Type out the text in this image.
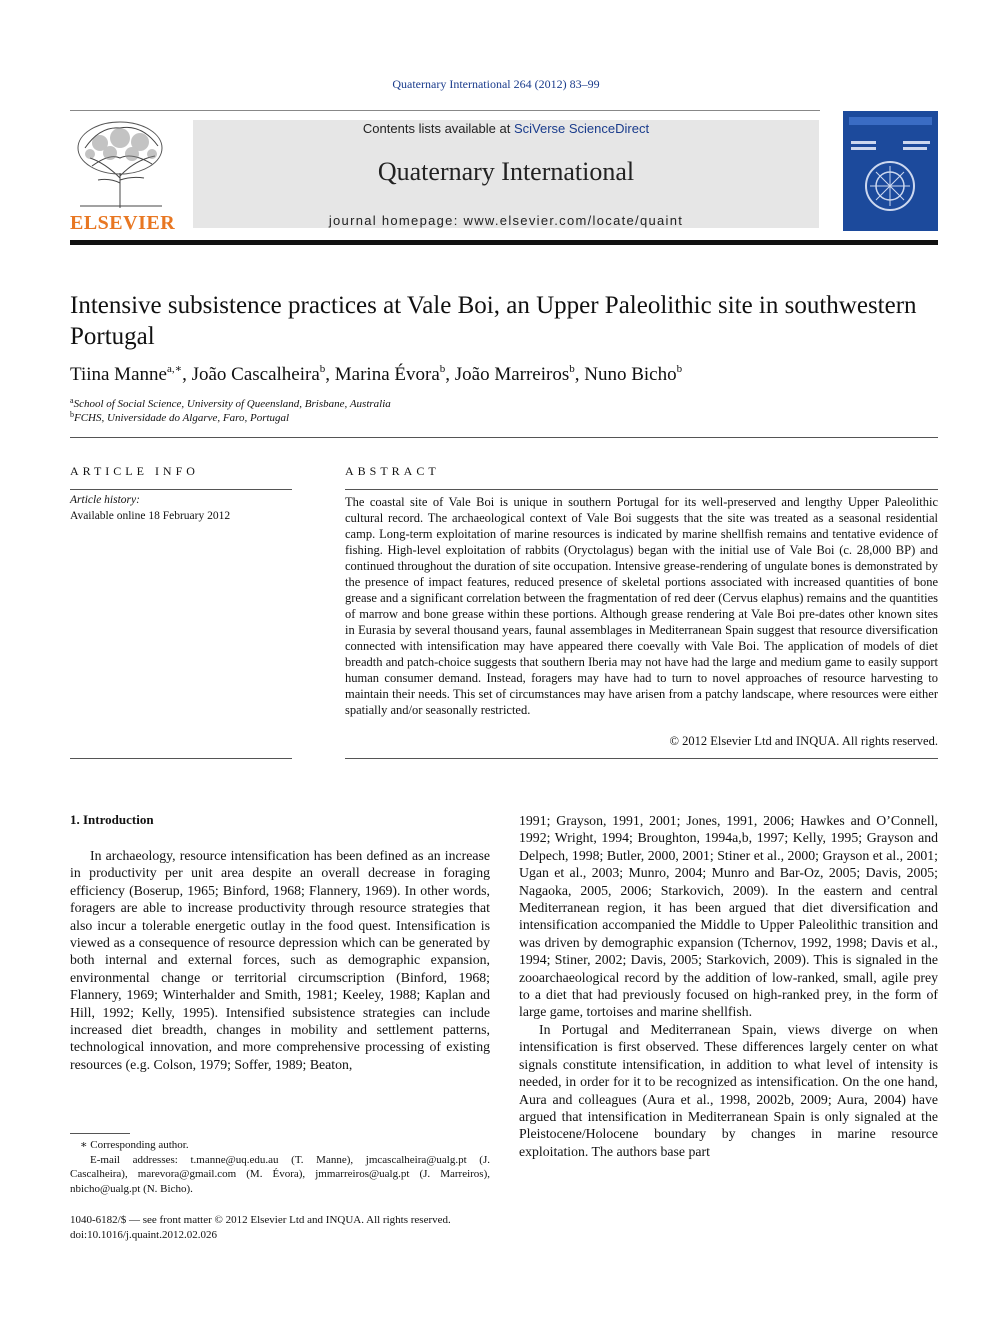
Quaternary International 264 (2012) 83–99
ELSEVIER
Contents lists available at SciVerse ScienceDirect
Quaternary International
journal homepage: www.elsevier.com/locate/quaint
Intensive subsistence practices at Vale Boi, an Upper Paleolithic site in southwestern Portugal
Tiina Manne$^{a,∗}$, João Cascalheira$^b$, Marina Évora$^b$, João Marreiros$^b$, Nuno Bicho$^b$
$^a$School of Social Science, University of Queensland, Brisbane, Australia
$^b$FCHS, Universidade do Algarve, Faro, Portugal
ARTICLE INFO
Article history:
Available online 18 February 2012
ABSTRACT
The coastal site of Vale Boi is unique in southern Portugal for its well-preserved and lengthy Upper Paleolithic cultural record. The archaeological context of Vale Boi suggests that the site was treated as a seasonal residential camp. Long-term exploitation of marine resources is indicated by marine shellfish remains and tentative evidence of fishing. High-level exploitation of rabbits (Oryctolagus) began with the initial use of Vale Boi (c. 28,000 BP) and continued throughout the duration of site occupation. Intensive grease-rendering of ungulate bones is demonstrated by the presence of impact features, reduced presence of skeletal portions associated with increased quantities of bone grease and a significant correlation between the fragmentation of red deer (Cervus elaphus) remains and the quantities of marrow and bone grease within these portions. Although grease rendering at Vale Boi pre-dates other known sites in Eurasia by several thousand years, faunal assemblages in Mediterranean Spain suggest that resource diversification connected with intensification may have appeared there coevally with Vale Boi. The application of models of diet breadth and patch-choice suggests that southern Iberia may not have had the large and medium game to easily support human consumer demand. Instead, foragers may have had to turn to novel approaches of resource harvesting to maintain their needs. This set of circumstances may have arisen from a patchy landscape, where resources were either spatially and/or seasonally restricted.
© 2012 Elsevier Ltd and INQUA. All rights reserved.
1. Introduction

In archaeology, resource intensification has been defined as an increase in productivity per unit area despite an overall decrease in foraging efficiency (Boserup, 1965; Binford, 1968; Flannery, 1969). In other words, foragers are able to increase productivity through resource strategies that also incur a tolerable energetic outlay in the food quest. Intensification is viewed as a consequence of resource depression which can be generated by both internal and external forces, such as demographic expansion, environmental change or territorial circumscription (Binford, 1968; Flannery, 1969; Winterhalder and Smith, 1981; Keeley, 1988; Kaplan and Hill, 1992; Kelly, 1995). Intensified subsistence strategies can include increased diet breadth, changes in mobility and settlement patterns, technological innovation, and more comprehensive processing of existing resources (e.g. Colson, 1979; Soffer, 1989; Beaton,

1991; Grayson, 1991, 2001; Jones, 1991, 2006; Hawkes and O’Connell, 1992; Wright, 1994; Broughton, 1994a,b, 1997; Kelly, 1995; Grayson and Delpech, 1998; Butler, 2000, 2001; Stiner et al., 2000; Grayson et al., 2001; Ugan et al., 2003; Munro, 2004; Munro and Bar-Oz, 2005; Davis, 2005; Nagaoka, 2005, 2006; Starkovich, 2009). In the eastern and central Mediterranean region, it has been argued that diet diversification and intensification accompanied the Middle to Upper Paleolithic transition and was driven by demographic expansion (Tchernov, 1992, 1998; Davis et al., 1994; Stiner, 2002; Davis, 2005; Starkovich, 2009). This is signaled in the zooarchaeological record by the addition of low-ranked, small, agile prey to a diet that had previously focused on high-ranked prey, in the form of large game, tortoises and marine shellfish.

In Portugal and Mediterranean Spain, views diverge on when intensification is first observed. These differences largely center on what signals constitute intensification, in addition to what level of intensity is needed, in order for it to be recognized as intensification. On the one hand, Aura and colleagues (Aura et al., 1998, 2002b, 2009; Aura, 2004) have argued that intensification in Mediterranean Spain is only signaled at the Pleistocene/Holocene boundary by changes in marine resource exploitation. The authors base part

∗ Corresponding author.
E-mail addresses: t.manne@uq.edu.au (T. Manne), jmcascalheira@ualg.pt (J. Cascalheira), marevora@gmail.com (M. Évora), jmmarreiros@ualg.pt (J. Marreiros), nbicho@ualg.pt (N. Bicho).
1040-6182/$ — see front matter © 2012 Elsevier Ltd and INQUA. All rights reserved.
doi:10.1016/j.quaint.2012.02.026
